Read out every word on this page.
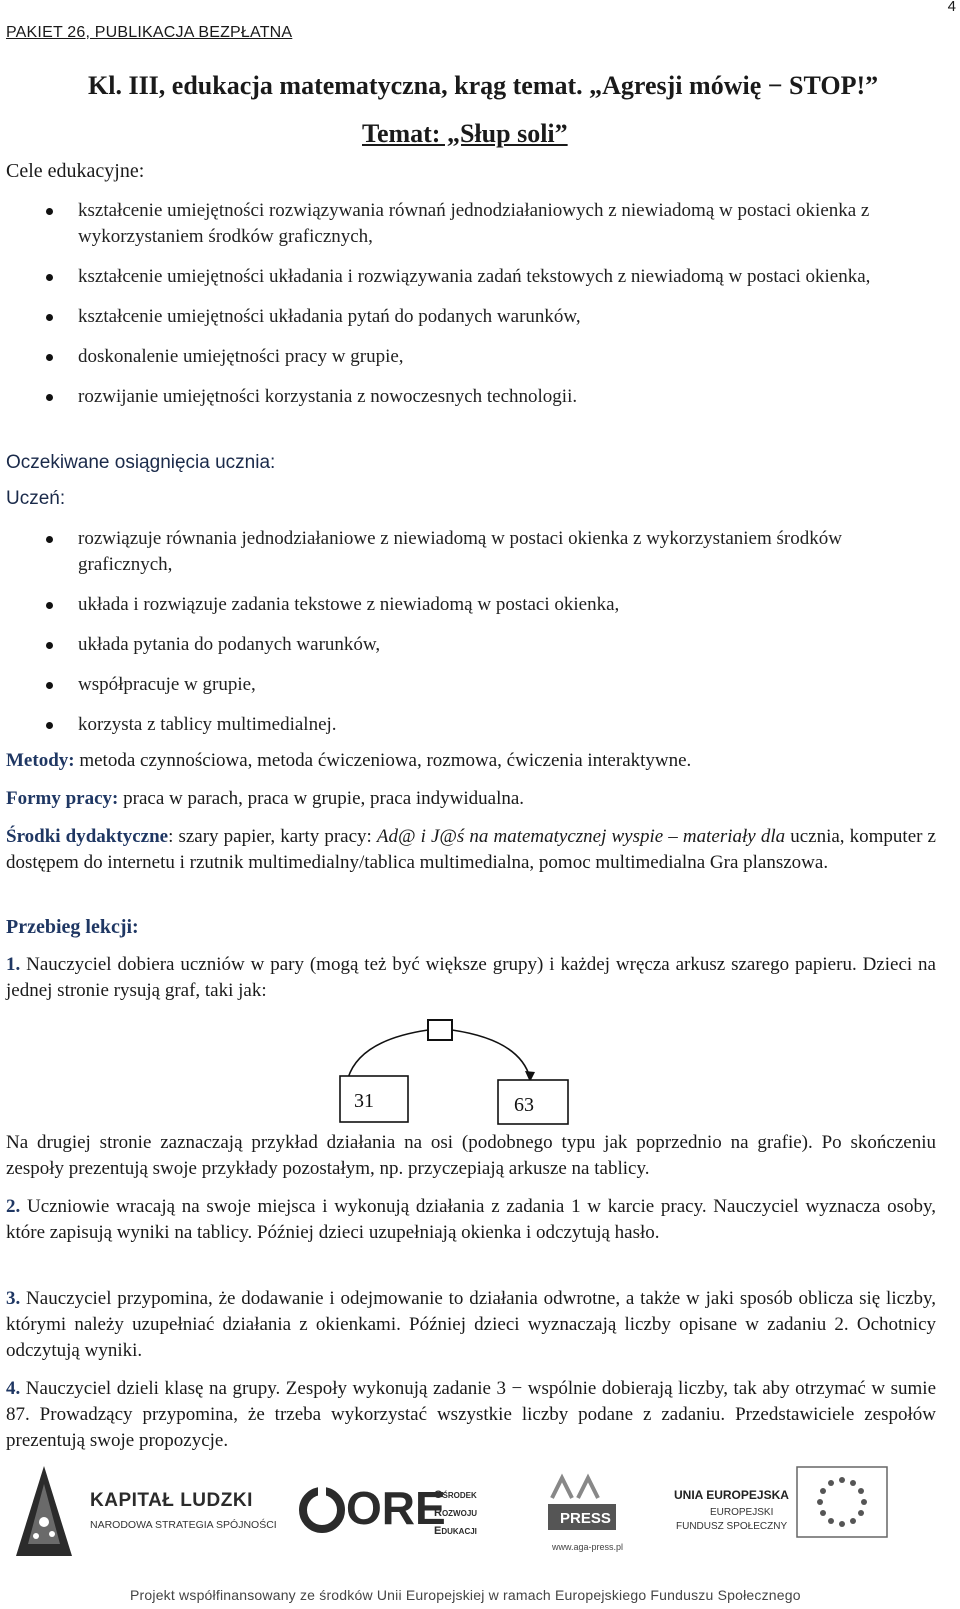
PAKIET 26, PUBLIKACJA BEZPŁATNA
4
Kl. III, edukacja matematyczna, krąg temat. „Agresji mówię − STOP!”
Temat: „Słup soli”
Cele edukacyjne:
kształcenie umiejętności rozwiązywania równań jednodziałaniowych z niewiadomą w postaci okienka z wykorzystaniem środków graficznych,
kształcenie umiejętności układania i rozwiązywania zadań tekstowych z niewiadomą w postaci okienka,
kształcenie umiejętności układania pytań do podanych warunków,
doskonalenie umiejętności pracy w grupie,
rozwijanie umiejętności korzystania z nowoczesnych technologii.
Oczekiwane osiągnięcia ucznia:
Uczeń:
rozwiązuje równania jednodziałaniowe z niewiadomą w postaci okienka z wykorzystaniem środków graficznych,
układa i rozwiązuje zadania tekstowe z niewiadomą w postaci okienka,
układa pytania do podanych warunków,
współpracuje w grupie,
korzysta z tablicy multimedialnej.
Metody: metoda czynnościowa, metoda ćwiczeniowa, rozmowa, ćwiczenia interaktywne.
Formy pracy: praca w parach, praca w grupie, praca indywidualna.
Środki dydaktyczne: szary papier, karty pracy: Ad@ i J@ś na matematycznej wyspie – materiały dla ucznia, komputer z dostępem do internetu i rzutnik multimedialny/tablica multimedialna, pomoc multimedialna Gra planszowa.
Przebieg lekcji:
1. Nauczyciel dobiera uczniów w pary (mogą też być większe grupy) i każdej wręcza arkusz szarego papieru. Dzieci na jednej stronie rysują graf, taki jak:
31	63
Na drugiej stronie zaznaczają przykład działania na osi (podobnego typu jak poprzednio na grafie). Po skończeniu zespoły prezentują swoje przykłady pozostałym, np. przyczepiają arkusze na tablicy.
2. Uczniowie wracają na swoje miejsca i wykonują działania z zadania 1 w karcie pracy. Nauczyciel wyznacza osoby, które zapisują wyniki na tablicy. Później dzieci uzupełniają okienka i odczytują hasło.
3. Nauczyciel przypomina, że dodawanie i odejmowanie to działania odwrotne, a także w jaki sposób oblicza się liczby, którymi należy uzupełniać działania z okienkami. Później dzieci wyznaczają liczby opisane w zadaniu 2. Ochotnicy odczytują wyniki.
4. Nauczyciel dzieli klasę na grupy. Zespoły wykonują zadanie 3 − wspólnie dobierają liczby, tak aby otrzymać w sumie 87. Prowadzący przypomina, że trzeba wykorzystać wszystkie liczby podane z zadaniu. Przedstawiciele zespołów prezentują swoje propozycje.
KAPITAŁ LUDZKI
NARODOWA STRATEGIA SPÓJNOŚCI ORE
Ośrodek
Rozwoju
Edukacji
PRESS
www.aga-press.pl
UNIA EUROPEJSKA
EUROPEJSKI
FUNDUSZ SPOŁECZNY
Projekt współfinansowany ze środków Unii Europejskiej w ramach Europejskiego Funduszu Społecznego
